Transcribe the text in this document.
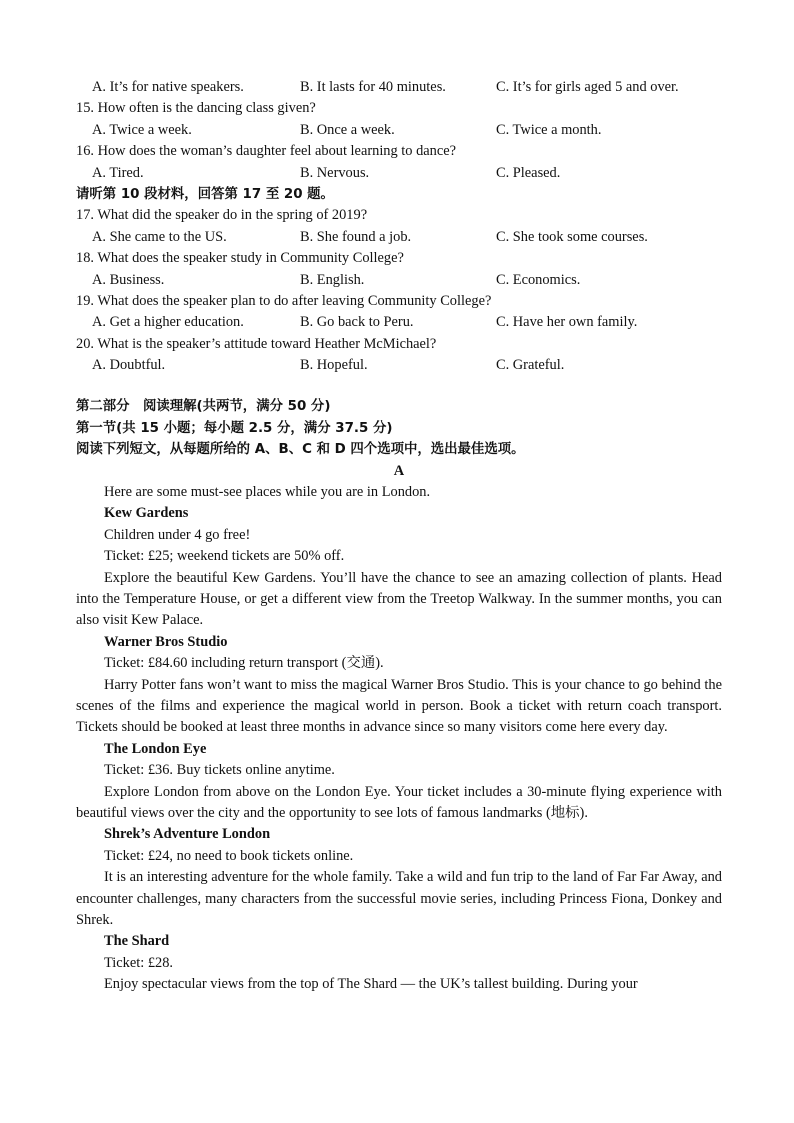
A. It’s for native speakers.	B. It lasts for 40 minutes.	C. It’s for girls aged 5 and over.
15. How often is the dancing class given?
A. Twice a week.	B. Once a week.	C. Twice a month.
16. How does the woman’s daughter feel about learning to dance?
A. Tired.	B. Nervous.	C. Pleased.
请听第 10 段材料，回答第 17 至 20 题。
17. What did the speaker do in the spring of 2019?
A. She came to the US.	B. She found a job.	C. She took some courses.
18. What does the speaker study in Community College?
A. Business.	B. English.	C. Economics.
19. What does the speaker plan to do after leaving Community College?
A. Get a higher education.	B. Go back to Peru.	C. Have her own family.
20. What is the speaker’s attitude toward Heather McMichael?
A. Doubtful.	B. Hopeful.	C. Grateful.
第二部分　阅读理解(共两节，满分 50 分)
第一节(共 15 小题；每小题 2.5 分，满分 37.5 分)
阅读下列短文，从每题所给的 A、B、C 和 D 四个选项中，选出最佳选项。
A
Here are some must-see places while you are in London.
Kew Gardens
Children under 4 go free!
Ticket: £25; weekend tickets are 50% off.

Explore the beautiful Kew Gardens. You’ll have the chance to see an amazing collection of plants. Head into the Temperature House, or get a different view from the Treetop Walkway. In the summer months, you can also visit Kew Palace.

Warner Bros Studio
Ticket: £84.60 including return transport (交通).

Harry Potter fans won’t want to miss the magical Warner Bros Studio. This is your chance to go behind the scenes of the films and experience the magical world in person. Book a ticket with return coach transport. Tickets should be booked at least three months in advance since so many visitors come here every day.

The London Eye
Ticket: £36. Buy tickets online anytime.

Explore London from above on the London Eye. Your ticket includes a 30-minute flying experience with beautiful views over the city and the opportunity to see lots of famous landmarks (地标).

Shrek’s Adventure London
Ticket: £24, no need to book tickets online.

It is an interesting adventure for the whole family. Take a wild and fun trip to the land of Far Far Away, and encounter challenges, many characters from the successful movie series, including Princess Fiona, Donkey and Shrek.

The Shard
Ticket: £28.

Enjoy spectacular views from the top of The Shard — the UK’s tallest building. During your
